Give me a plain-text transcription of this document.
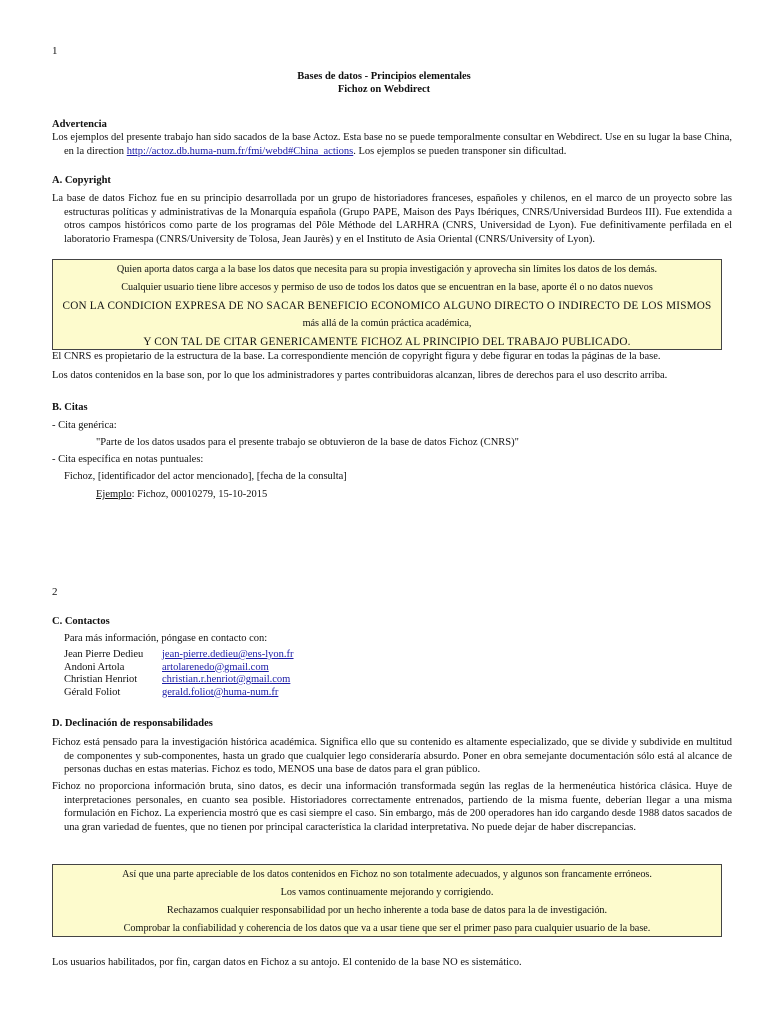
1
Bases de datos - Principios elementales
Fichoz on Webdirect
Advertencia
Los ejemplos del presente trabajo han sido sacados de la base Actoz. Esta base no se puede temporalmente consultar en Webdirect. Use en su lugar la base China, en la direction http://actoz.db.huma-num.fr/fmi/webd#China_actions. Los ejemplos se pueden transponer sin dificultad.
A. Copyright
La base de datos Fichoz fue en su principio desarrollada por un grupo de historiadores franceses, españoles y chilenos, en el marco de un proyecto sobre las estructuras políticas y administrativas de la Monarquía española (Grupo PAPE, Maison des Pays Ibériques, CNRS/Universidad Burdeos III). Fue extendida a otros campos históricos como parte de los programas del Pôle Méthode del LARHRA (CNRS, Universidad de Lyon). Fue definitivamente perfilada en el laboratorio Framespa (CNRS/University de Tolosa, Jean Jaurès) y en el Instituto de Asia Oriental (CNRS/University of Lyon).
Quien aporta datos carga a la base los datos que necesita para su propia investigación y aprovecha sin límites los datos de los demás.
Cualquier usuario tiene libre accesos y permiso de uso de todos los datos que se encuentran en la base, aporte él o no datos nuevos
CON LA CONDICION EXPRESA DE NO SACAR BENEFICIO ECONOMICO ALGUNO DIRECTO O INDIRECTO DE LOS MISMOS
más allá de la común práctica académica,
Y CON TAL DE CITAR GENERICAMENTE FICHOZ AL PRINCIPIO DEL TRABAJO PUBLICADO.
El CNRS es propietario de la estructura de la base. La correspondiente mención de copyright figura y debe figurar en todas la páginas de la base.
Los datos contenidos en la base son, por lo que los administradores y partes contribuidoras alcanzan, libres de derechos para el uso descrito arriba.
B. Citas
- Cita genérica:
"Parte de los datos usados para el presente trabajo se obtuvieron de la base de datos Fichoz (CNRS)"
- Cita específica en notas puntuales:
Fichoz, [identificador del actor mencionado], [fecha de la consulta]
Ejemplo: Fichoz, 00010279, 15-10-2015
2
C. Contactos
Para más información, póngase en contacto con:
Jean Pierre Dedieu	jean-pierre.dedieu@ens-lyon.fr
Andoni Artola	artolarenedo@gmail.com
Christian Henriot	christian.r.henriot@gmail.com
Gérald Foliot	gerald.foliot@huma-num.fr
D. Declinación de responsabilidades
Fichoz está pensado para la investigación histórica académica. Significa ello que su contenido es altamente especializado, que se divide y subdivide en multitud de componentes y sub-componentes, hasta un grado que cualquier lego consideraría absurdo. Poner en obra semejante documentación sólo está al alcance de personas duchas en estas materias. Fichoz es todo, MENOS una base de datos para el gran público.
Fichoz no proporciona información bruta, sino datos, es decir una información transformada según las reglas de la hermenéutica histórica clásica. Huye de interpretaciones personales, en cuanto sea posible. Historiadores correctamente entrenados, partiendo de la misma fuente, deberían llegar a una misma formulación en Fichoz. La experiencia mostró que es casi siempre el caso. Sin embargo, más de 200 operadores han ido cargando desde 1988 datos sacados de una gran variedad de fuentes, que no tienen por principal característica la claridad interpretativa. No puede dejar de haber discrepancias.
Así que una parte apreciable de los datos contenidos en Fichoz no son totalmente adecuados, y algunos son francamente erróneos.
Los vamos continuamente mejorando y corrigiendo.
Rechazamos cualquier responsabilidad por un hecho inherente a toda base de datos para la de investigación.
Comprobar la confiabilidad y coherencia de los datos que va a usar tiene que ser el primer paso para cualquier usuario de la base.
Los usuarios habilitados, por fin, cargan datos en Fichoz a su antojo. El contenido de la base NO es sistemático.
